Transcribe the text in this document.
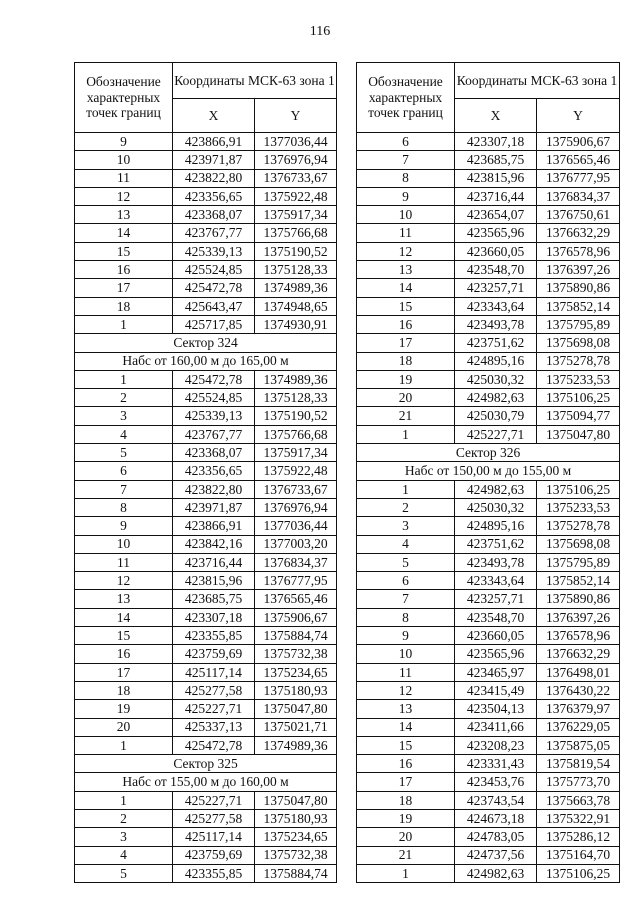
116
Обозначение характерных точек границ	Координаты МСК-63 зона 1	
	X	Y
9	423866,91	1377036,44
10	423971,87	1376976,94
11	423822,80	1376733,67
12	423356,65	1375922,48
13	423368,07	1375917,34
14	423767,77	1375766,68
15	425339,13	1375190,52
16	425524,85	1375128,33
17	425472,78	1374989,36
18	425643,47	1374948,65
1	425717,85	1374930,91
Сектор 324		
Набс от 160,00 м до 165,00 м		
1	425472,78	1374989,36
2	425524,85	1375128,33
3	425339,13	1375190,52
4	423767,77	1375766,68
5	423368,07	1375917,34
6	423356,65	1375922,48
7	423822,80	1376733,67
8	423971,87	1376976,94
9	423866,91	1377036,44
10	423842,16	1377003,20
11	423716,44	1376834,37
12	423815,96	1376777,95
13	423685,75	1376565,46
14	423307,18	1375906,67
15	423355,85	1375884,74
16	423759,69	1375732,38
17	425117,14	1375234,65
18	425277,58	1375180,93
19	425227,71	1375047,80
20	425337,13	1375021,71
1	425472,78	1374989,36
Сектор 325		
Набс от 155,00 м до 160,00 м		
1	425227,71	1375047,80
2	425277,58	1375180,93
3	425117,14	1375234,65
4	423759,69	1375732,38
5	423355,85	1375884,74
Обозначение характерных точек границ	Координаты МСК-63 зона 1	
	X	Y
6	423307,18	1375906,67
7	423685,75	1376565,46
8	423815,96	1376777,95
9	423716,44	1376834,37
10	423654,07	1376750,61
11	423565,96	1376632,29
12	423660,05	1376578,96
13	423548,70	1376397,26
14	423257,71	1375890,86
15	423343,64	1375852,14
16	423493,78	1375795,89
17	423751,62	1375698,08
18	424895,16	1375278,78
19	425030,32	1375233,53
20	424982,63	1375106,25
21	425030,79	1375094,77
1	425227,71	1375047,80
Сектор 326		
Набс от 150,00 м до 155,00 м		
1	424982,63	1375106,25
2	425030,32	1375233,53
3	424895,16	1375278,78
4	423751,62	1375698,08
5	423493,78	1375795,89
6	423343,64	1375852,14
7	423257,71	1375890,86
8	423548,70	1376397,26
9	423660,05	1376578,96
10	423565,96	1376632,29
11	423465,97	1376498,01
12	423415,49	1376430,22
13	423504,13	1376379,97
14	423411,66	1376229,05
15	423208,23	1375875,05
16	423331,43	1375819,54
17	423453,76	1375773,70
18	423743,54	1375663,78
19	424673,18	1375322,91
20	424783,05	1375286,12
21	424737,56	1375164,70
1	424982,63	1375106,25
